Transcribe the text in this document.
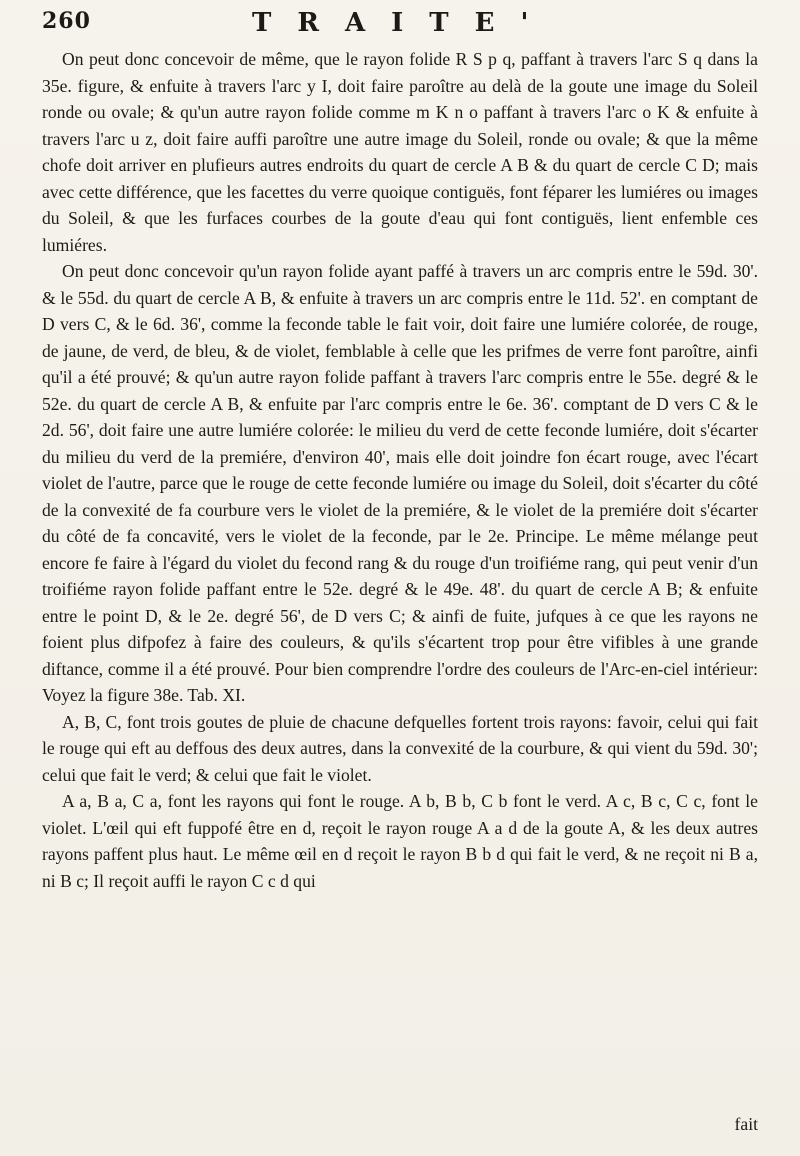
260	TRAITE'

On peut donc concevoir de même, que le rayon folide R S p q, paffant à travers l'arc S q dans la 35e. figure, & enfuite à travers l'arc y I, doit faire paroître au delà de la goute une image du Soleil ronde ou ovale; & qu'un autre rayon folide comme m K n o paffant à travers l'arc o K & enfuite à travers l'arc u z, doit faire auffi paroître une autre image du Soleil, ronde ou ovale; & que la même chofe doit arriver en plufieurs autres endroits du quart de cercle A B & du quart de cercle C D; mais avec cette différence, que les facettes du verre quoique contiguës, font féparer les lumiéres ou images du Soleil, & que les furfaces courbes de la goute d'eau qui font contiguës, lient enfemble ces lumiéres.

On peut donc concevoir qu'un rayon folide ayant paffé à travers un arc compris entre le 59d. 30'. & le 55d. du quart de cercle A B, & enfuite à travers un arc compris entre le 11d. 52'. en comptant de D vers C, & le 6d. 36', comme la feconde table le fait voir, doit faire une lumiére colorée, de rouge, de jaune, de verd, de bleu, & de violet, femblable à celle que les prifmes de verre font paroître, ainfi qu'il a été prouvé; & qu'un autre rayon folide paffant à travers l'arc compris entre le 55e. degré & le 52e. du quart de cercle A B, & enfuite par l'arc compris entre le 6e. 36'. comptant de D vers C & le 2d. 56', doit faire une autre lumiére colorée: le milieu du verd de cette feconde lumiére, doit s'écarter du milieu du verd de la premiére, d'environ 40', mais elle doit joindre fon écart rouge, avec l'écart violet de l'autre, parce que le rouge de cette feconde lumiére ou image du Soleil, doit s'écarter du côté de la convexité de fa courbure vers le violet de la premiére, & le violet de la premiére doit s'écarter du côté de fa concavité, vers le violet de la feconde, par le 2e. Principe. Le même mélange peut encore fe faire à l'égard du violet du fecond rang & du rouge d'un troifiéme rang, qui peut venir d'un troifiéme rayon folide paffant entre le 52e. degré & le 49e. 48'. du quart de cercle A B; & enfuite entre le point D, & le 2e. degré 56', de D vers C; & ainfi de fuite, jufques à ce que les rayons ne foient plus difpofez à faire des couleurs, & qu'ils s'écartent trop pour être vifibles à une grande diftance, comme il a été prouvé. Pour bien comprendre l'ordre des couleurs de l'Arc-en-ciel intérieur: Voyez la figure 38e. Tab. XI.

A, B, C, font trois goutes de pluie de chacune defquelles fortent trois rayons: favoir, celui qui fait le rouge qui eft au deffous des deux autres, dans la convexité de la courbure, & qui vient du 59d. 30'; celui que fait le verd; & celui que fait le violet.

A a, B a, C a, font les rayons qui font le rouge. A b, B b, C b font le verd. A c, B c, C c, font le violet. L'œil qui eft fuppofé être en d, reçoit le rayon rouge A a d de la goute A, & les deux autres rayons paffent plus haut. Le même œil en d reçoit le rayon B b d qui fait le verd, & ne reçoit ni B a, ni B c; Il reçoit auffi le rayon C c d qui

fait
